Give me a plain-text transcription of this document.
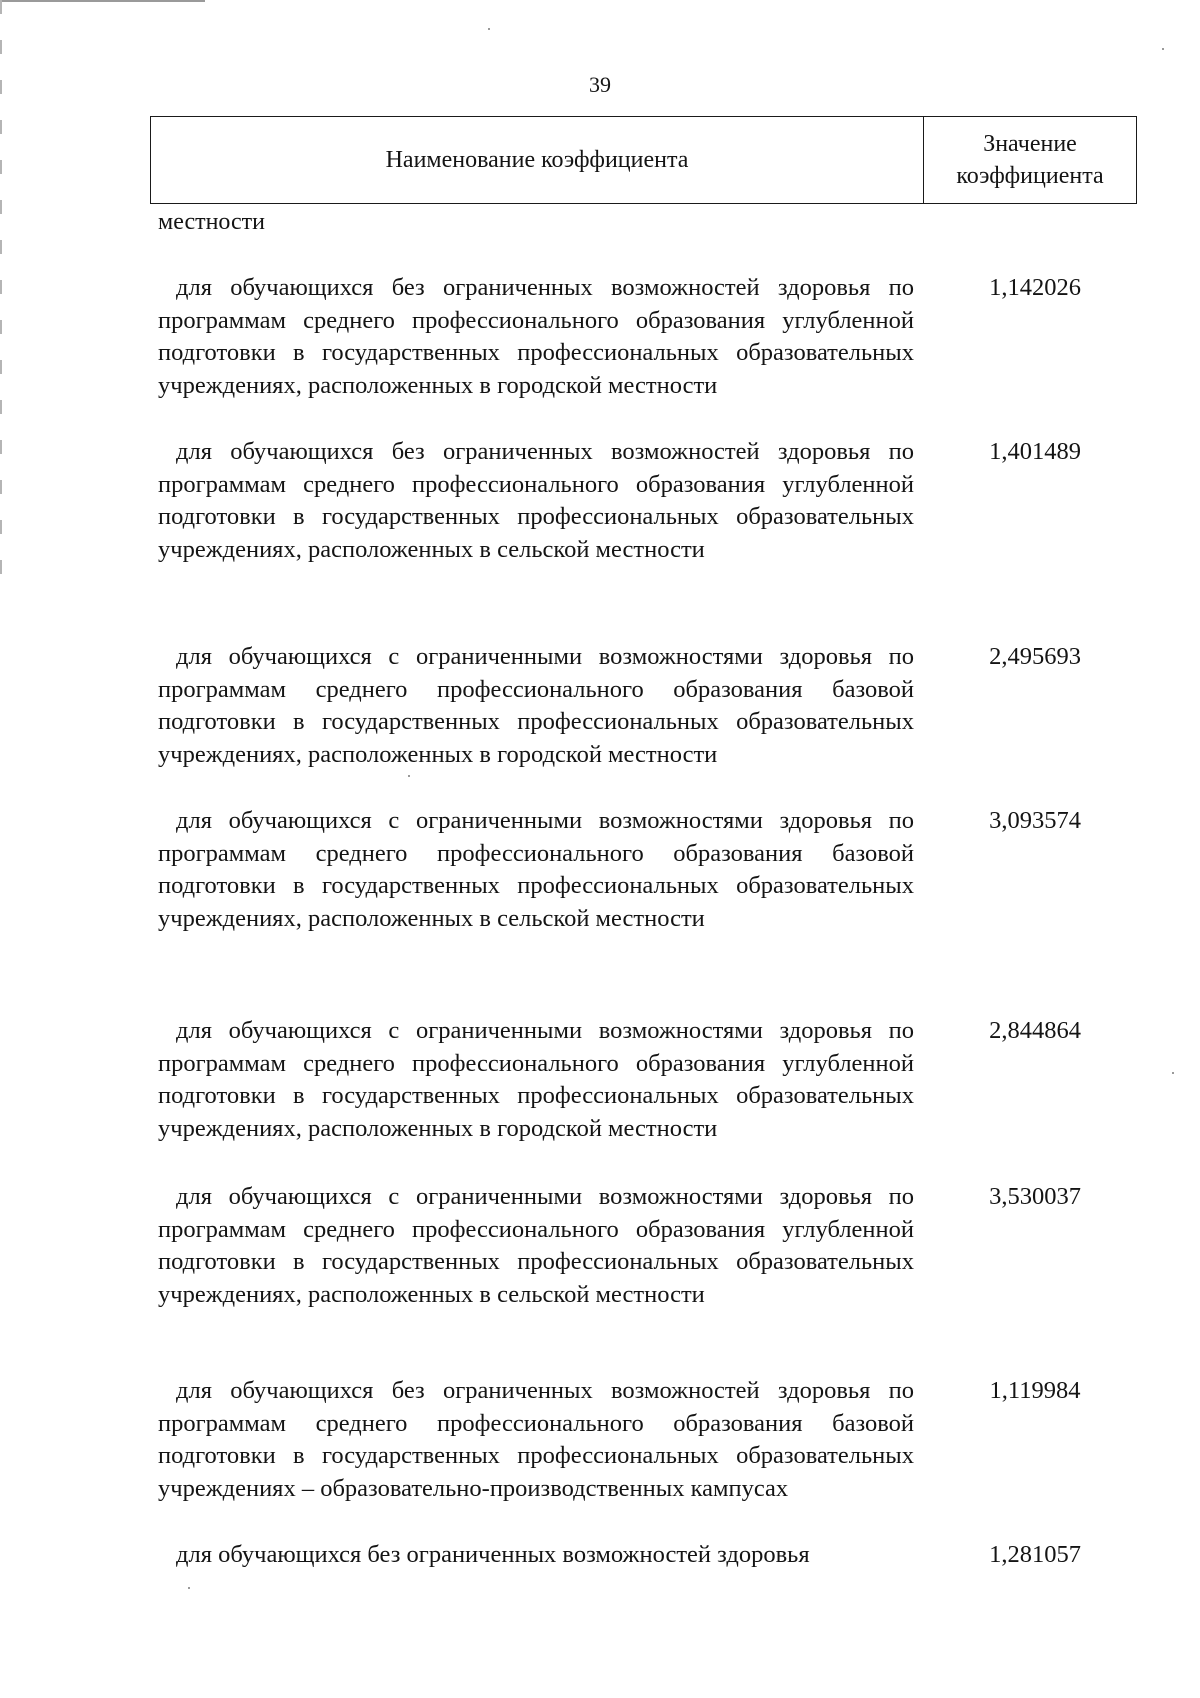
39
Наименование коэффициента
Значение коэффициента
местности
для обучающихся без ограниченных возможностей здоровья по программам среднего профессионального образования углубленной подготовки в государственных профессиональных образовательных учреждениях, расположенных в городской местности
1,142026
для обучающихся без ограниченных возможностей здоровья по программам среднего профессионального образования углубленной подготовки в государственных профессиональных образовательных учреждениях, расположенных в сельской местности
1,401489
для обучающихся с ограниченными возможностями здоровья по программам среднего профессионального образования базовой подготовки в государственных профессиональных образовательных учреждениях, расположенных в городской местности
2,495693
для обучающихся с ограниченными возможностями здоровья по программам среднего профессионального образования базовой подготовки в государственных профессиональных образовательных учреждениях, расположенных в сельской местности
3,093574
для обучающихся с ограниченными возможностями здоровья по программам среднего профессионального образования углубленной подготовки в государственных профессиональных образовательных учреждениях, расположенных в городской местности
2,844864
для обучающихся с ограниченными возможностями здоровья по программам среднего профессионального образования углубленной подготовки в государственных профессиональных образовательных учреждениях, расположенных в сельской местности
3,530037
для обучающихся без ограниченных возможностей здоровья по программам среднего профессионального образования базовой подготовки в государственных профессиональных образовательных учреждениях – образовательно-производственных кампусах
1,119984
для обучающихся без ограниченных возможностей здоровья	1,281057
